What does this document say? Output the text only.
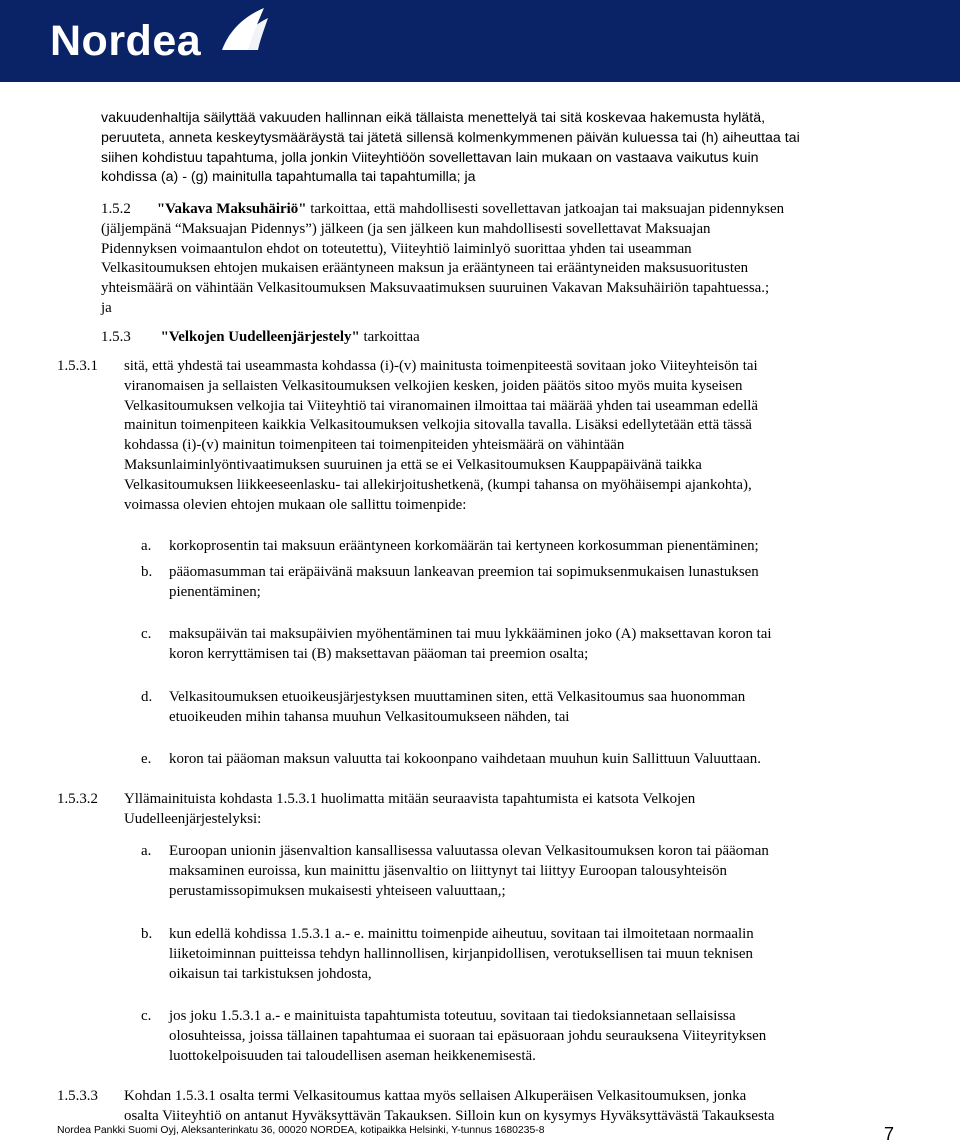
Nordea
vakuudenhaltija säilyttää vakuuden hallinnan eikä tällaista menettelyä tai sitä koskevaa hakemusta hylätä,
peruuteta, anneta keskeytysmääräystä tai jätetä sillensä kolmenkymmenen päivän kuluessa tai (h) aiheuttaa tai
siihen kohdistuu tapahtuma, jolla jonkin Viiteyhtiöön sovellettavan lain mukaan on vastaava vaikutus kuin
kohdissa (a) - (g) mainitulla tapahtumalla tai tapahtumilla; ja
1.5.2 "Vakava Maksuhäiriö" tarkoittaa, että mahdollisesti sovellettavan jatkoajan tai maksuajan pidennyksen
(jäljempänä “Maksuajan Pidennys”) jälkeen (ja sen jälkeen kun mahdollisesti sovellettavat Maksuajan
Pidennyksen voimaantulon ehdot on toteutettu), Viiteyhtiö laiminlyö suorittaa yhden tai useamman
Velkasitoumuksen ehtojen mukaisen erääntyneen maksun ja erääntyneen tai erääntyneiden maksusuoritusten
yhteismäärä on vähintään Velkasitoumuksen Maksuvaatimuksen suuruinen Vakavan Maksuhäiriön tapahtuessa.;
ja
1.5.3 "Velkojen Uudelleenjärjestely" tarkoittaa
1.5.3.1 sitä, että yhdestä tai useammasta kohdassa (i)-(v) mainitusta toimenpiteestä sovitaan joko Viiteyhteisön tai
viranomaisen ja sellaisten Velkasitoumuksen velkojien kesken, joiden päätös sitoo myös muita kyseisen
Velkasitoumuksen velkojia tai Viiteyhtiö tai viranomainen ilmoittaa tai määrää yhden tai useamman edellä
mainitun toimenpiteen kaikkia Velkasitoumuksen velkojia sitovalla tavalla. Lisäksi edellytetään että tässä
kohdassa (i)-(v) mainitun toimenpiteen tai toimenpiteiden yhteismäärä on vähintään
Maksunlaiminlyöntivaatimuksen suuruinen ja että se ei Velkasitoumuksen Kauppapäivänä taikka
Velkasitoumuksen liikkeeseenlasku- tai allekirjoitushetkenä, (kumpi tahansa on myöhäisempi ajankohta),
voimassa olevien ehtojen mukaan ole sallittu toimenpide:
a. korkoprosentin tai maksuun erääntyneen korkomäärän tai kertyneen korkosumman pienentäminen;
b. pääomasumman tai eräpäivänä maksuun lankeavan preemion tai sopimuksenmukaisen lunastuksen
pienentäminen;
c. maksupäivän tai maksupäivien myöhentäminen tai muu lykkääminen joko (A) maksettavan koron tai
koron kerryttämisen tai (B) maksettavan pääoman tai preemion osalta;
d. Velkasitoumuksen etuoikeusjärjestyksen muuttaminen siten, että Velkasitoumus saa huonomman
etuoikeuden mihin tahansa muuhun Velkasitoumukseen nähden, tai
e. koron tai pääoman maksun valuutta tai kokoonpano vaihdetaan muuhun kuin Sallittuun Valuuttaan.
1.5.3.2 Yllämainituista kohdasta 1.5.3.1 huolimatta mitään seuraavista tapahtumista ei katsota Velkojen
Uudelleenjärjestelyksi:
a. Euroopan unionin jäsenvaltion kansallisessa valuutassa olevan Velkasitoumuksen koron tai pääoman
maksaminen euroissa, kun mainittu jäsenvaltio on liittynyt tai liittyy Euroopan talousyhteisön
perustamissopimuksen mukaisesti yhteiseen valuuttaan,;
b. kun edellä kohdissa 1.5.3.1 a.- e. mainittu toimenpide aiheutuu, sovitaan tai ilmoitetaan normaalin
liiketoiminnan puitteissa tehdyn hallinnollisen, kirjanpidollisen, verotuksellisen tai muun teknisen
oikaisun tai tarkistuksen johdosta,
c. jos joku 1.5.3.1 a.- e mainituista tapahtumista toteutuu, sovitaan tai tiedoksiannetaan sellaisissa
olosuhteissa, joissa tällainen tapahtumaa ei suoraan tai epäsuoraan johdu seurauksena Viiteyrityksen
luottokelpoisuuden tai taloudellisen aseman heikkenemisestä.
1.5.3.3 Kohdan 1.5.3.1 osalta termi Velkasitoumus kattaa myös sellaisen Alkuperäisen Velkasitoumuksen, jonka
osalta Viiteyhtiö on antanut Hyväksyttävän Takauksen. Silloin kun on kysymys Hyväksyttävästä Takauksesta
Nordea Pankki Suomi Oyj, Aleksanterinkatu 36, 00020 NORDEA, kotipaikka Helsinki, Y-tunnus 1680235-8	7
